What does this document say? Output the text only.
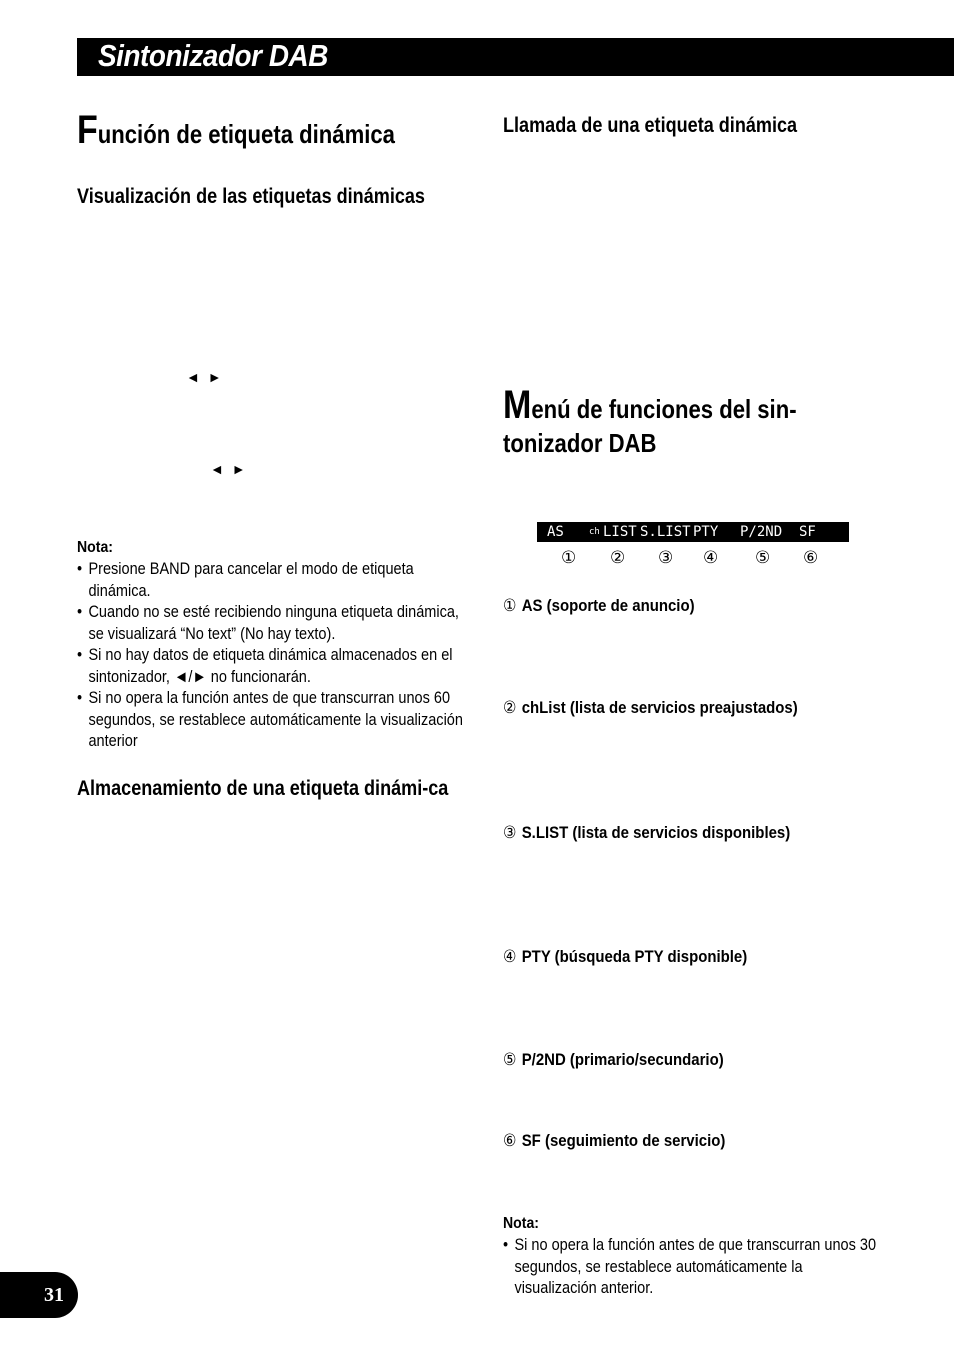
Sintonizador DAB
Función de etiqueta dinámica
Visualización de las etiquetas dinámicas
◄ ►
◄ ►
Nota:
• Presione BAND para cancelar el modo de etiqueta dinámica.
• Cuando no se esté recibiendo ninguna etiqueta dinámica, se visualizará “No text” (No hay texto).
• Si no hay datos de etiqueta dinámica almacenados en el sintonizador, ◄/► no funcionarán.
• Si no opera la función antes de que transcurran unos 60 segundos, se restablece automáticamente la visualización anterior
Almacenamiento de una etiqueta dinámi-ca
Llamada de una etiqueta dinámica
Menú de funciones del sin-
tonizador DAB
AS	ch LIST S.LIST PTY P/2ND SF
① ② ③ ④ ⑤ ⑥
① AS (soporte de anuncio)
② chList (lista de servicios preajustados)
③ S.LIST (lista de servicios disponibles)
④ PTY (búsqueda PTY disponible)
⑤ P/2ND (primario/secundario)
⑥ SF (seguimiento de servicio)
Nota:
• Si no opera la función antes de que transcurran unos 30 segundos, se restablece automáticamente la visualización anterior.
31
